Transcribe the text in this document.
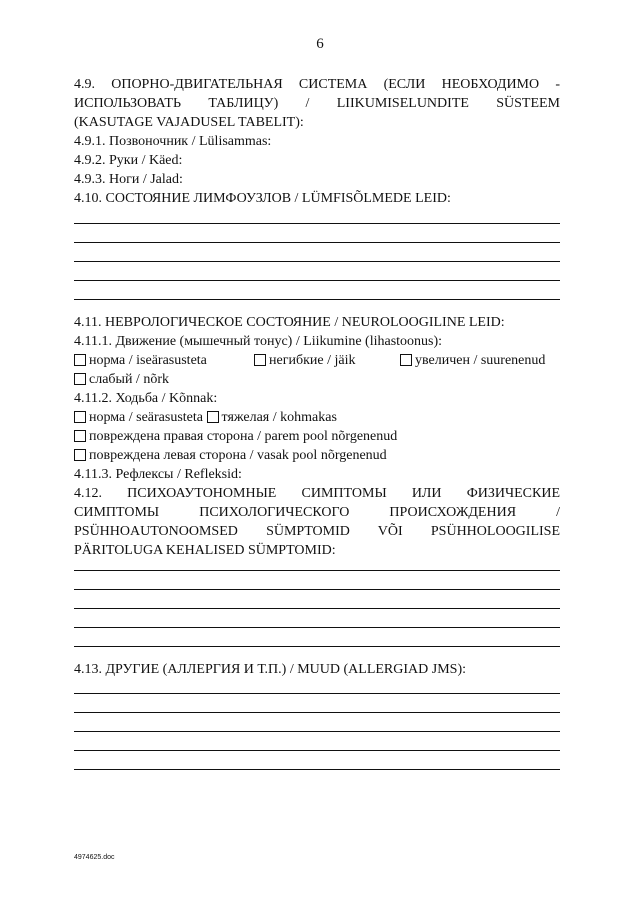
6
4.9. ОПОРНО-ДВИГАТЕЛЬНАЯ СИСТЕМА (ЕСЛИ НЕОБХОДИМО -
ИСПОЛЬЗОВАТЬ ТАБЛИЦУ) / LIIKUMISELUNDITE SÜSTEEM
(KASUTAGE VAJADUSEL TABELIT):
4.9.1. Позвоночник / Lülisammas:
4.9.2. Руки / Käed:
4.9.3. Ноги / Jalad:
4.10. СОСТОЯНИЕ ЛИМФОУЗЛОВ / LÜMFISÕLMEDE LEID:
4.11. НЕВРОЛОГИЧЕСКОЕ СОСТОЯНИЕ / NEUROLOOGILINE LEID:
4.11.1. Движение (мышечный тонус) / Liikumine (lihastoonus):
норма / iseärasusteta	негибкие / jäik	увеличен / suurenenud
слабый / nõrk
4.11.2. Ходьба / Kõnnak:
норма / seärasusteta тяжелая / kohmakas
повреждена правая сторона / parem pool nõrgenenud
повреждена левая сторона / vasak pool nõrgenenud
4.11.3. Рефлексы / Refleksid:
4.12. ПСИХОАУТОНОМНЫЕ СИМПТОМЫ ИЛИ ФИЗИЧЕСКИЕ
СИМПТОМЫ ПСИХОЛОГИЧЕСКОГО ПРОИСХОЖДЕНИЯ /
PSÜHHOAUTONOOMSED SÜMPTOMID VÕI PSÜHHOLOOGILISE
PÄRITOLUGA KEHALISED SÜMPTOMID:
4.13. ДРУГИЕ (АЛЛЕРГИЯ И Т.П.) / MUUD (ALLERGIAD JMS):
4974625.doc
